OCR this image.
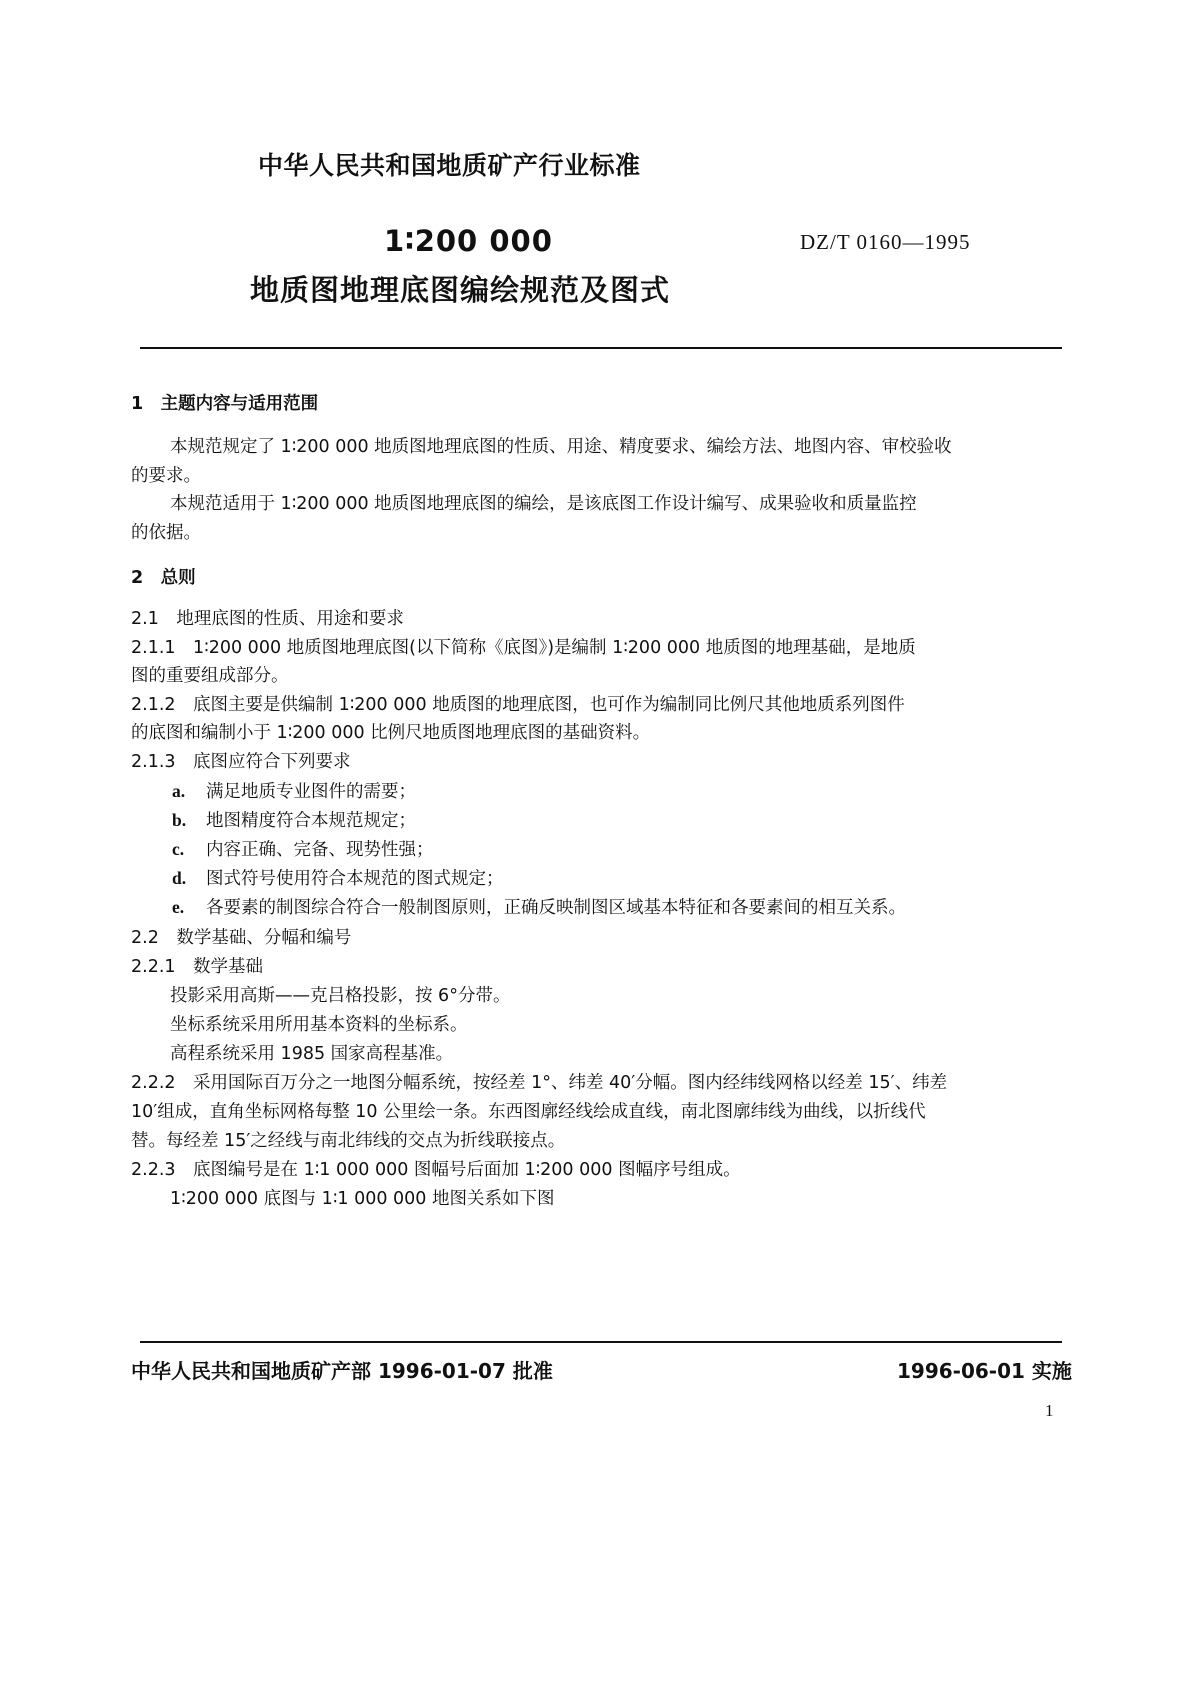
中华人民共和国地质矿产行业标准
1∶200 000	DZ/T 0160—1995
地质图地理底图编绘规范及图式
1　主题内容与适用范围
本规范规定了 1∶200 000 地质图地理底图的性质、用途、精度要求、编绘方法、地图内容、审校验收
的要求。
本规范适用于 1∶200 000 地质图地理底图的编绘，是该底图工作设计编写、成果验收和质量监控
的依据。
2　总则
2.1　地理底图的性质、用途和要求
2.1.1　1∶200 000 地质图地理底图(以下简称《底图》)是编制 1∶200 000 地质图的地理基础，是地质
图的重要组成部分。
2.1.2　底图主要是供编制 1∶200 000 地质图的地理底图，也可作为编制同比例尺其他地质系列图件
的底图和编制小于 1∶200 000 比例尺地质图地理底图的基础资料。
2.1.3　底图应符合下列要求
a. 满足地质专业图件的需要；
b. 地图精度符合本规范规定；
c. 内容正确、完备、现势性强；
d. 图式符号使用符合本规范的图式规定；
e. 各要素的制图综合符合一般制图原则，正确反映制图区域基本特征和各要素间的相互关系。
2.2　数学基础、分幅和编号
2.2.1　数学基础
投影采用高斯——克吕格投影，按 6°分带。
坐标系统采用所用基本资料的坐标系。
高程系统采用 1985 国家高程基准。
2.2.2　采用国际百万分之一地图分幅系统，按经差 1°、纬差 40′分幅。图内经纬线网格以经差 15′、纬差
10′组成，直角坐标网格每整 10 公里绘一条。东西图廓经线绘成直线，南北图廓纬线为曲线，以折线代
替。每经差 15′之经线与南北纬线的交点为折线联接点。
2.2.3　底图编号是在 1∶1 000 000 图幅号后面加 1∶200 000 图幅序号组成。
1∶200 000 底图与 1∶1 000 000 地图关系如下图
中华人民共和国地质矿产部 1996-01-07 批准	1996-06-01 实施
1
